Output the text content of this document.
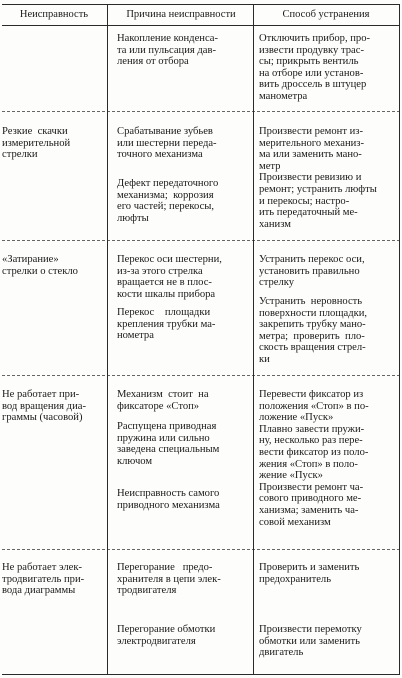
Неисправность	Причина неисправности	Способ устранения

Накопление конденса-
та или пульсация дав-
ления от отбора

Отключить прибор, про-
извести продувку трас-
сы; прикрыть вентиль
на отборе или установ-
вить дроссель в штуцер
манометра

Резкие  скачки
измерительной
стрелки

Срабатывание зубьев
или шестерни переда-
точного механизма

Дефект передаточного
механизма;  коррозия
его частей; перекосы,
люфты

Произвести ремонт из-
мерительного механиз-
ма или заменить мано-
метр
Произвести ревизию и
ремонт; устранить люфты
и перекосы; настро-
ить передаточный ме-
ханизм

«Затирание»
стрелки о стекло

Перекос оси шестерни,
из-за этого стрелка
вращается не в плос-
кости шкалы прибора

Перекос    площадки
крепления трубки ма-
нометра

Устранить перекос оси,
установить правильно
стрелку

Устранить  неровность
поверхности площадки,
закрепить трубку мано-
метра;  проверить  пло-
скость вращения стрел-
ки

Не работает при-
вод вращения диа-
граммы (часовой)

Механизм  стоит  на
фиксаторе «Стоп»

Распущена приводная
пружина или сильно
заведена специальным
ключом

Неисправность самого
приводного механизма

Перевести фиксатор из
положения «Стоп» в по-
ложение «Пуск»
Плавно завести пружи-
ну, несколько раз пере-
вести фиксатор из поло-
жения «Стоп» в поло-
жение «Пуск»
Произвести ремонт ча-
сового приводного ме-
ханизма; заменить ча-
совой механизм

Не работает элек-
тродвигатель при-
вода диаграммы

Перегорание   предо-
хранителя в цепи элек-
тродвигателя

Перегорание обмотки
электродвигателя

Проверить и заменить
предохранитель

Произвести перемотку
обмотки или заменить
двигатель
